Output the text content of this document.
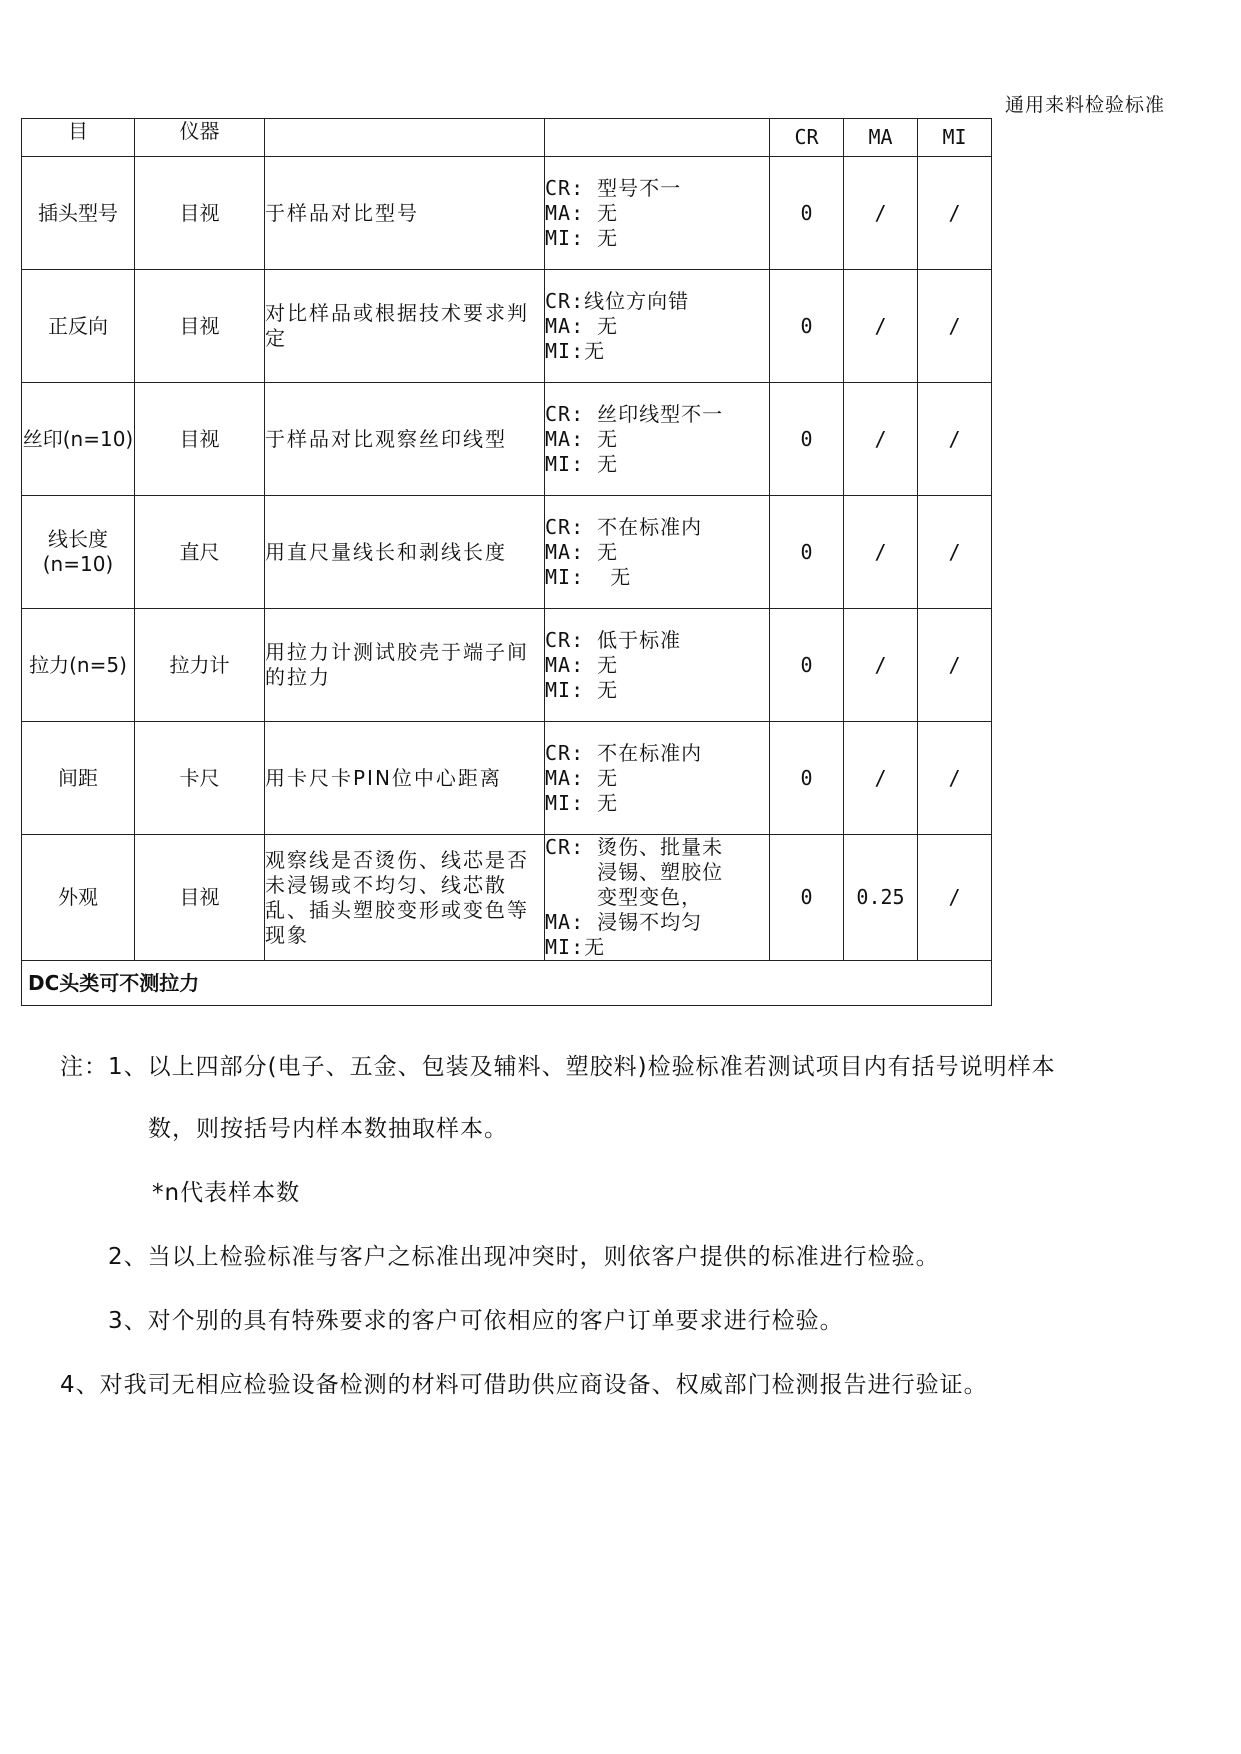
通用来料检验标准
目	仪器			CR	MA	MI
插头型号	目视	于样品对比型号	CR: 型号不一
MA: 无
MI: 无	0	/	/
正反向	目视	对比样品或根据技术要求判定	CR:线位方向错
MA: 无
MI:无	0	/	/
丝印(n=10)	目视	于样品对比观察丝印线型	CR: 丝印线型不一
MA: 无
MI: 无	0	/	/
线长度(n=10)	直尺	用直尺量线长和剥线长度	CR: 不在标准内
MA: 无
MI:  无	0	/	/
拉力(n=5)	拉力计	用拉力计测试胶壳于端子间的拉力	CR: 低于标准
MA: 无
MI: 无	0	/	/
间距	卡尺	用卡尺卡PIN位中心距离	CR: 不在标准内
MA: 无
MI: 无	0	/	/
外观	目视	观察线是否烫伤、线芯是否未浸锡或不均匀、线芯散乱、插头塑胶变形或变色等现象	CR: 烫伤、批量未
浸锡、塑胶位
变型变色，
MA: 浸锡不均匀
MI:无	0	0.25	/
DC头类可不测拉力						
注：1、以上四部分(电子、五金、包装及辅料、塑胶料)检验标准若测试项目内有括号说明样本
数，则按括号内样本数抽取样本。
*n代表样本数
2、当以上检验标准与客户之标准出现冲突时，则依客户提供的标准进行检验。
3、对个别的具有特殊要求的客户可依相应的客户订单要求进行检验。
4、对我司无相应检验设备检测的材料可借助供应商设备、权威部门检测报告进行验证。
